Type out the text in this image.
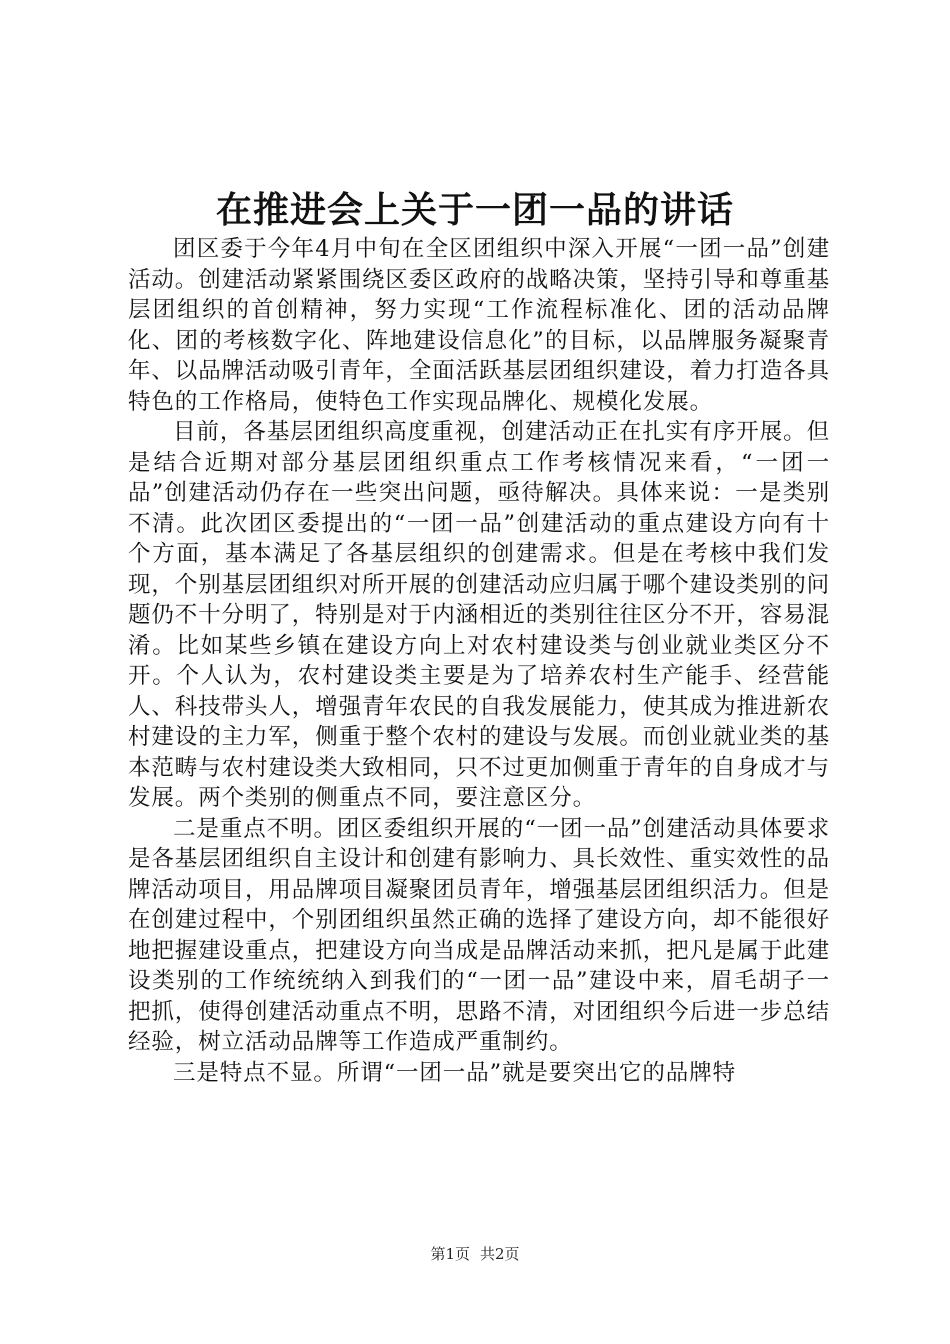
在推进会上关于一团一品的讲话

团区委于今年4月中旬在全区团组织中深入开展“一团一品”创建活动。创建活动紧紧围绕区委区政府的战略决策，坚持引导和尊重基层团组织的首创精神，努力实现“工作流程标准化、团的活动品牌化、团的考核数字化、阵地建设信息化”的目标，以品牌服务凝聚青年、以品牌活动吸引青年，全面活跃基层团组织建设，着力打造各具特色的工作格局，使特色工作实现品牌化、规模化发展。

目前，各基层团组织高度重视，创建活动正在扎实有序开展。但是结合近期对部分基层团组织重点工作考核情况来看，“一团一品”创建活动仍存在一些突出问题，亟待解决。具体来说：一是类别不清。此次团区委提出的“一团一品”创建活动的重点建设方向有十个方面，基本满足了各基层组织的创建需求。但是在考核中我们发现，个别基层团组织对所开展的创建活动应归属于哪个建设类别的问题仍不十分明了，特别是对于内涵相近的类别往往区分不开，容易混淆。比如某些乡镇在建设方向上对农村建设类与创业就业类区分不开。个人认为，农村建设类主要是为了培养农村生产能手、经营能人、科技带头人，增强青年农民的自我发展能力，使其成为推进新农村建设的主力军，侧重于整个农村的建设与发展。而创业就业类的基本范畴与农村建设类大致相同，只不过更加侧重于青年的自身成才与发展。两个类别的侧重点不同，要注意区分。

二是重点不明。团区委组织开展的“一团一品”创建活动具体要求是各基层团组织自主设计和创建有影响力、具长效性、重实效性的品牌活动项目，用品牌项目凝聚团员青年，增强基层团组织活力。但是在创建过程中，个别团组织虽然正确的选择了建设方向，却不能很好地把握建设重点，把建设方向当成是品牌活动来抓，把凡是属于此建设类别的工作统统纳入到我们的“一团一品”建设中来，眉毛胡子一把抓，使得创建活动重点不明，思路不清，对团组织今后进一步总结经验，树立活动品牌等工作造成严重制约。

三是特点不显。所谓“一团一品”就是要突出它的品牌特

第1页 共2页
